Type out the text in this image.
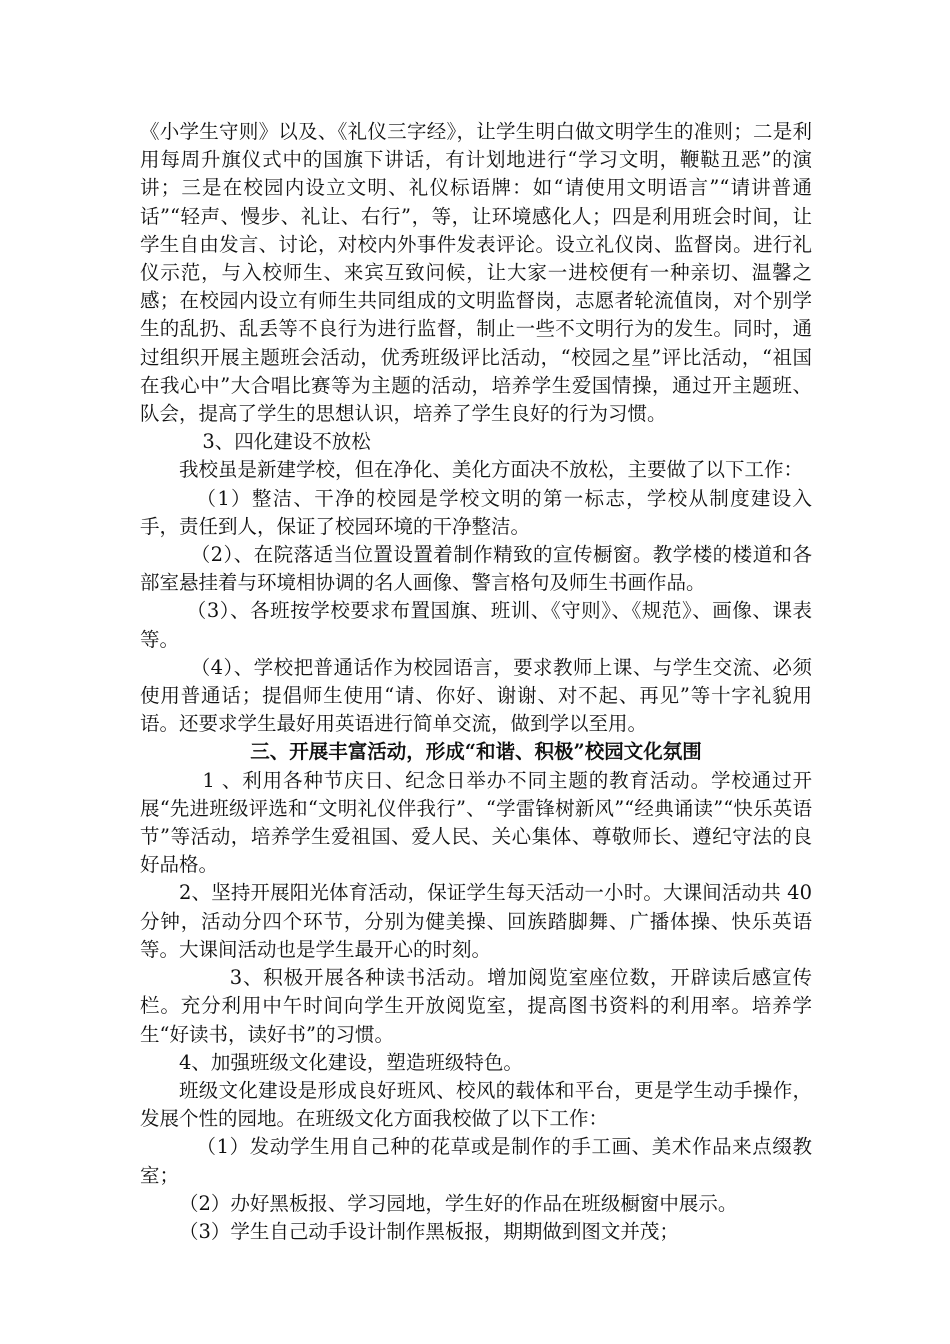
《小学生守则》以及、《礼仪三字经》，让学生明白做文明学生的准则；二是利用每周升旗仪式中的国旗下讲话，有计划地进行“学习文明，鞭鞑丑恶”的演讲；三是在校园内设立文明、礼仪标语牌：如“请使用文明语言”“请讲普通话”“轻声、慢步、礼让、右行”，等，让环境感化人；四是利用班会时间，让学生自由发言、讨论，对校内外事件发表评论。设立礼仪岗、监督岗。进行礼仪示范，与入校师生、来宾互致问候，让大家一进校便有一种亲切、温馨之感；在校园内设立有师生共同组成的文明监督岗，志愿者轮流值岗，对个别学生的乱扔、乱丢等不良行为进行监督，制止一些不文明行为的发生。同时，通过组织开展主题班会活动，优秀班级评比活动，“校园之星”评比活动，“祖国在我心中”大合唱比赛等为主题的活动，培养学生爱国情操，通过开主题班、队会，提高了学生的思想认识，培养了学生良好的行为习惯。

3、四化建设不放松

我校虽是新建学校，但在净化、美化方面决不放松，主要做了以下工作：

（1）整洁、干净的校园是学校文明的第一标志，学校从制度建设入手，责任到人，保证了校园环境的干净整洁。

（2）、在院落适当位置设置着制作精致的宣传橱窗。教学楼的楼道和各部室悬挂着与环境相协调的名人画像、警言格句及师生书画作品。

（3）、各班按学校要求布置国旗、班训、《守则》、《规范》、画像、课表等。

（4）、学校把普通话作为校园语言，要求教师上课、与学生交流、必须使用普通话；提倡师生使用“请、你好、谢谢、对不起、再见”等十字礼貌用语。还要求学生最好用英语进行简单交流，做到学以至用。

三、开展丰富活动，形成“和谐、积极”校园文化氛围

1 、利用各种节庆日、纪念日举办不同主题的教育活动。学校通过开展“先进班级评选和“文明礼仪伴我行”、“学雷锋树新风”“经典诵读”“快乐英语节”等活动，培养学生爱祖国、爱人民、关心集体、尊敬师长、遵纪守法的良好品格。

2、坚持开展阳光体育活动，保证学生每天活动一小时。大课间活动共 40 分钟，活动分四个环节，分别为健美操、回族踏脚舞、广播体操、快乐英语等。大课间活动也是学生最开心的时刻。

3、积极开展各种读书活动。增加阅览室座位数，开辟读后感宣传栏。充分利用中午时间向学生开放阅览室，提高图书资料的利用率。培养学生“好读书，读好书”的习惯。

4、加强班级文化建设，塑造班级特色。

班级文化建设是形成良好班风、校风的载体和平台，更是学生动手操作，发展个性的园地。在班级文化方面我校做了以下工作：

（1）发动学生用自己种的花草或是制作的手工画、美术作品来点缀教室；

（2）办好黑板报、学习园地，学生好的作品在班级橱窗中展示。

（3）学生自己动手设计制作黑板报，期期做到图文并茂；
